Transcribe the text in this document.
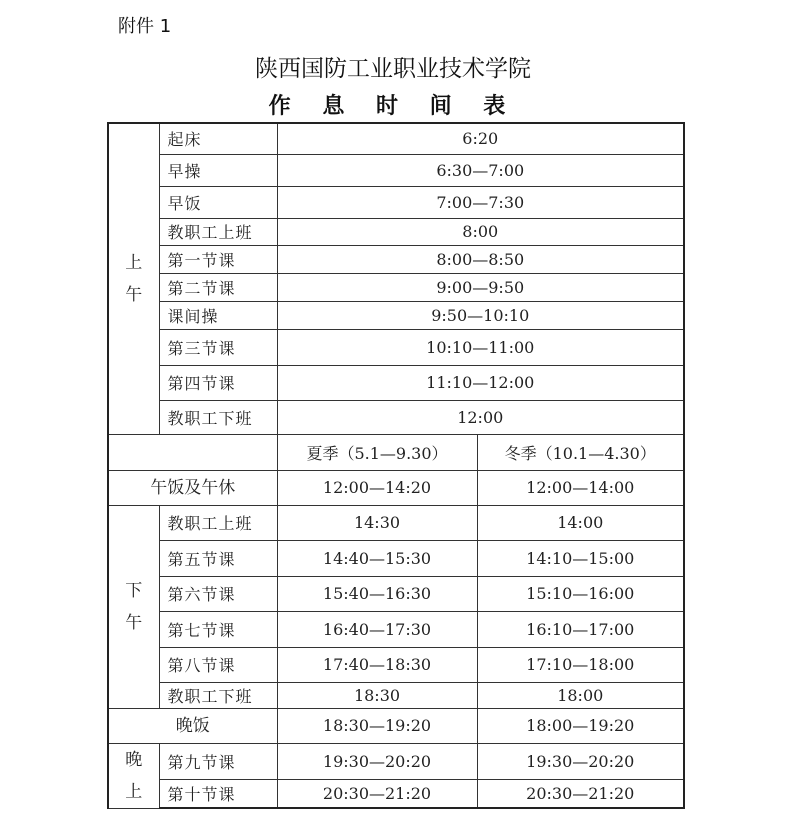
附件 1
陕西国防工业职业技术学院
作 息 时 间 表
上
午	起床	6:20	
	早操	6:30—7:00	
	早饭	7:00—7:30	
	教职工上班	8:00	
	第一节课	8:00—8:50	
	第二节课	9:00—9:50	
	课间操	9:50—10:10	
	第三节课	10:10—11:00	
	第四节课	11:10—12:00	
	教职工下班	12:00	
		夏季（5.1—9.30）	冬季（10.1—4.30）
午饭及午休		12:00—14:20	12:00—14:00

下
午	教职工上班	14:30	14:00
	第五节课	14:40—15:30	14:10—15:00
	第六节课	15:40—16:30	15:10—16:00
	第七节课	16:40—17:30	16:10—17:00
	第八节课	17:40—18:30	17:10—18:00
	教职工下班	18:30	18:00
晚饭		18:30—19:20	18:00—19:20

晚
上	第九节课	19:30—20:20	19:30—20:20
	第十节课	20:30—21:20	20:30—21:20
